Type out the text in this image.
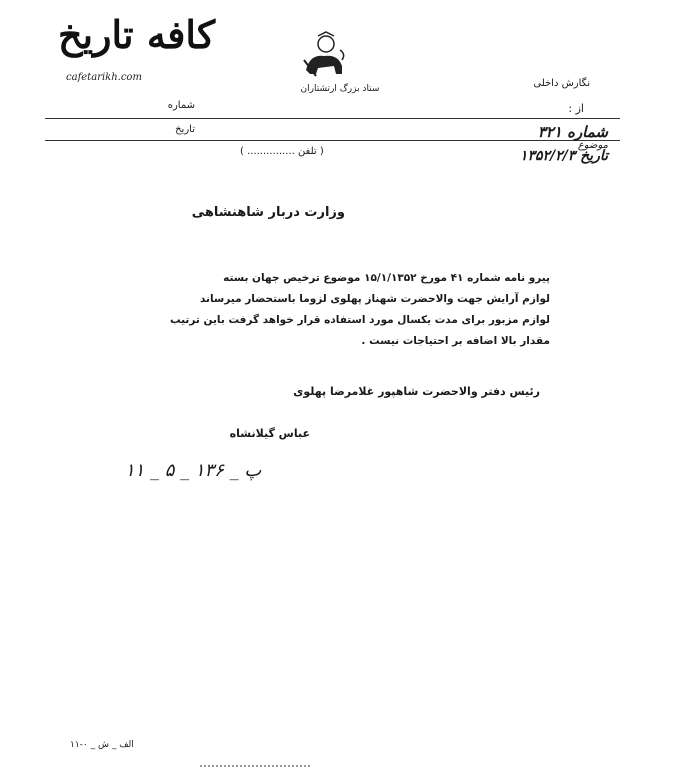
کافه تاریخ
cafetarikh.com
ستاد بزرگ ارتشتاران	نگارش داخلی
از :
شماره
تاریخ
( تلفن ............... )
شماره ۳۲۱
موضوع
تاریخ ۱۳۵۲/۲/۳
وزارت دربار شاهنشاهی
پیرو نامه شماره ۴۱ مورخ ۱۵/۱/۱۳۵۲ موضوع ترخیص جهان بسته
لوازم آرایش جهت والاحضرت شهناز پهلوی لزوما باستحضار میرساند
لوازم مزبور برای مدت یکسال مورد استفاده قرار خواهد گرفت باین ترتیب
مقدار بالا اضافه بر احتیاجات نیست .
رئیس دفتر والاحضرت شاهپور غلامرضا پهلوی
عباس گیلانشاه
۱۱ _ ۵ _ ۱۳۶ _ پ
۱۱-۰ _ الف _ ش
